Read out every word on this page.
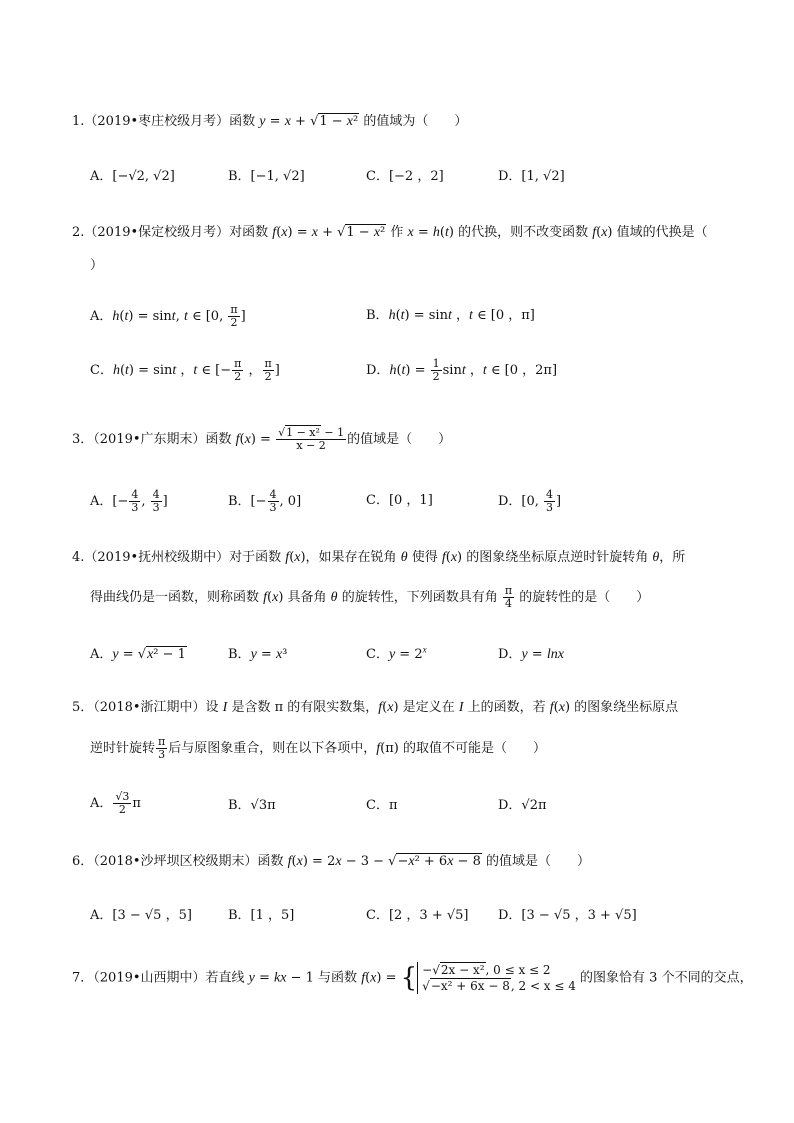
1.（2019•枣庄校级月考）函数 y = x + √1 − x² 的值域为（　　）
A．[−√2, √2]	B．[−1, √2]	C．[−2 ，2]	D．[1, √2]
2.（2019•保定校级月考）对函数 f(x) = x + √1 − x² 作 x = h(t) 的代换，则不改变函数 f(x) 值域的代换是（
）
A．h(t) = sint, t ∈ [0, $\frac{\pi}{2}$ ]	B．h(t) = sint ，t ∈ [0 ，π]
C．h(t) = sint ，t ∈ [− $\frac{\pi}{2}$ ， $\frac{\pi}{2}$ ]	D．$h(t) = \frac{1}{2}$ sint ，t ∈ [0 ，2π]
3．（2019•广东期末）函数 $f(x) = \frac{\text{√1 − x² − 1}}{x - 2}$ 的值域是（　　）
A．[− $\frac{4}{3}$ , $\frac{4}{3}$ ]	B．[− $\frac{4}{3}$ , 0]	C．[0 ，1]	D．[0, $\frac{4}{3}$ ]
4.（2019•抚州校级期中）对于函数 f(x)，如果存在锐角 θ 使得 f(x) 的图象绕坐标原点逆时针旋转角 θ，所
得曲线仍是一函数，则称函数 f(x) 具备角 θ 的旋转性，下列函数具有角 $\frac{\pi}{4}$ 的旋转性的是（　　）
A．y = √x² − 1	B．y = x³	C．$y = 2^x$	D．y = lnx
5．（2018•浙江期中）设 I 是含数 π 的有限实数集，f(x) 是定义在 I 上的函数，若 f(x) 的图象绕坐标原点
逆时针旋转 $\frac{\pi}{3}$ 后与原图象重合，则在以下各项中，f(π) 的取值不可能是（　　）
A． $\frac{√3}{2}$ π	B．√3π	C．π	D．√2π
6．（2018•沙坪坝区校级期末）函数 f(x) = 2x − 3 − √−x² + 6x − 8 的值域是（　　）
A．[3 − √5 ，5]	B．[1 ，5]	C．[2 ，3 + √5] D．[3 − √5 ，3 + √5]
7．（2019•山西期中）若直线 y = kx − 1 与函数 f(x) = { −√2x − x², 0 ≤ x ≤ 2
√−x² + 6x − 8, 2 < x ≤ 4 的图象恰有 3 个不同的交点，
